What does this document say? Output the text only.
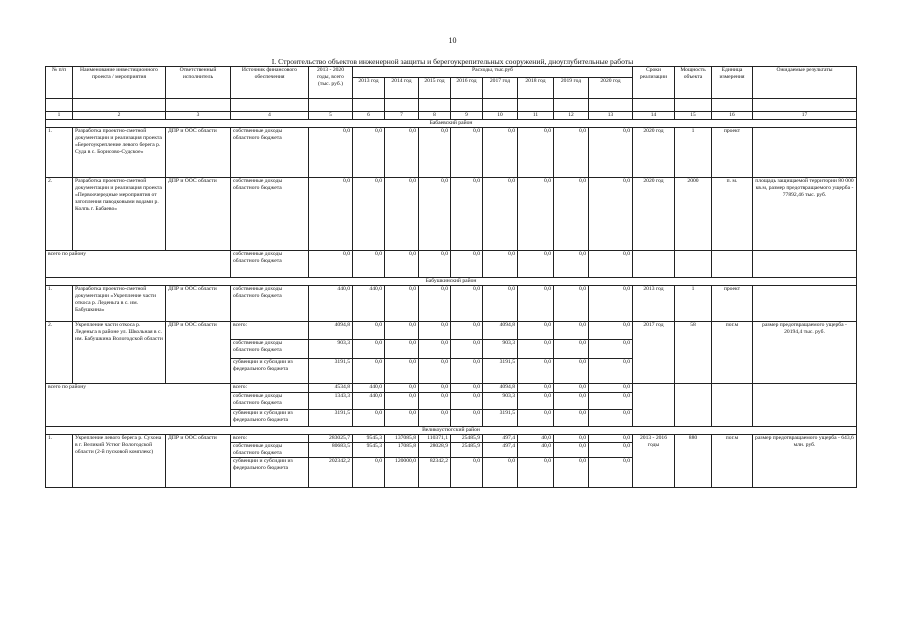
10
I. Строительство объектов инженерной защиты и берегоукрепительных сооружений, дноуглубительные работы
№ п/п	Наименование инвестиционного проекта / мероприятия	Ответственный исполнитель	Источник финансового обеспечения	2013 - 2020 годы, всего (тыс. руб.)	Расходы, тыс.руб								Сроки реализации	Мощность объекта	Единица измерения	Ожидаемые результаты
					2013 год	2014 год	2015 год	2016 год	2017 год	2018 год	2019 год	2020 год				

1	2	3	4	5	6	7	8	9	10	11	12	13	14	15	16	17
Бабаевский район																
1.	Разработка проектно-сметной документации и реализация проекта «Берегоукрепление левого берега р. Суда в с. Борисово-Судское»	ДПР и ООС области	собственные доходы областного бюджета	0,0	0,0	0,0	0,0	0,0	0,0	0,0	0,0	0,0	2020 год	1	проект	
2.	Разработка проектно-сметной документации и реализация проекта «Первоочередные мероприятия от затопления паводковыми водами р. Колпь г. Бабаево»	ДПР и ООС области	собственные доходы областного бюджета	0,0	0,0	0,0	0,0	0,0	0,0	0,0	0,0	0,0	2020 год	2000	п. м.	площадь защищаемой территории 80 000 кв.м, размер предотвращаемого ущерба - 77892,46 тыс. руб.
всего по району			собственные доходы областного бюджета	0,0	0,0	0,0	0,0	0,0	0,0	0,0	0,0	0,0				
Бабушкинский район																
1.	Разработка проектно-сметной документации «Укрепление части откоса р. Леденьга в с. им. Бабушкина»	ДПР и ООС области	собственные доходы областного бюджета	440,0	440,0	0,0	0,0	0,0	0,0	0,0	0,0	0,0	2013 год	1	проект	
2.	Укрепление части откоса р. Леденьга в районе ул. Школьная в с. им. Бабушкина Вологодской области	ДПР и ООС области	всего:	4094,8	0,0	0,0	0,0	0,0	4094,8	0,0	0,0	0,0	2017 год	58	пог.м	размер предотвращаемого ущерба - 20194,4 тыс. руб.
			собственные доходы областного бюджета	903,3	0,0	0,0	0,0	0,0	903,3	0,0	0,0	0,0				
			субвенции и субсидии из федерального бюджета	3191,5	0,0	0,0	0,0	0,0	3191,5	0,0	0,0	0,0				
всего по району			всего:	4534,8	440,0	0,0	0,0	0,0	4094,8	0,0	0,0	0,0				
			собственные доходы областного бюджета	1343,3	440,0	0,0	0,0	0,0	903,3	0,0	0,0	0,0				
			субвенции и субсидии из федерального бюджета	3191,5	0,0	0,0	0,0	0,0	3191,5	0,0	0,0	0,0				
Великоустюгский район																
1.	Укрепление левого берега р. Сухона в г. Великий Устюг Вологодской области (2-й пусковой комплекс)	ДПР и ООС области	всего:	283025,7	9545,3	137085,8	110371,1	25485,9	497,4	40,0	0,0	0,0	2013 - 2016 годы	880	пог.м	размер предотвращаемого ущерба - 643,6 млн. руб.
			собственные доходы областного бюджета	80683,5	9545,3	17085,8	28028,9	25485,9	497,4	40,0	0,0	0,0				
			субвенции и субсидии из федерального бюджета	202342,2	0,0	120000,0	82342,2	0,0	0,0	0,0	0,0	0,0				
